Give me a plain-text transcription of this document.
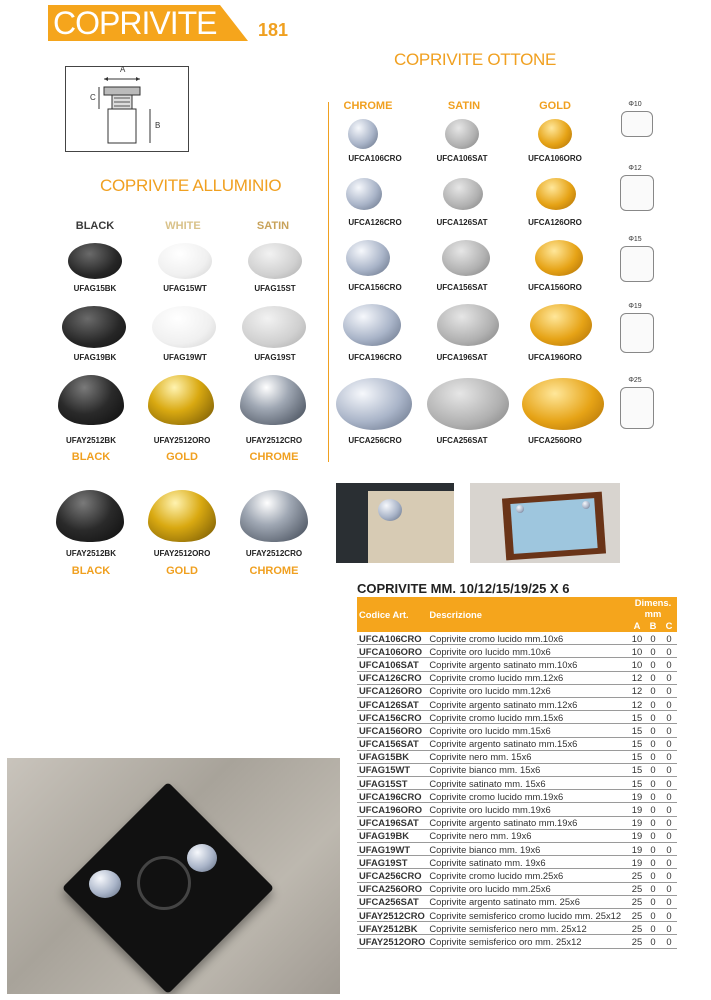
COPRIVITE 181
A
C
B
COPRIVITE ALLUMINIO
BLACK	WHITE	SATIN
UFAG15BK	UFAG15WT	UFAG15ST
UFAG19BK	UFAG19WT	UFAG19ST
UFAY2512BK	UFAY2512ORO	UFAY2512CRO
BLACK	GOLD	CHROME
COPRIVITE OTTONE
CHROME	SATIN	GOLD
UFCA106CRO	UFCA106SAT	UFCA106ORO
UFCA126CRO	UFCA126SAT	UFCA126ORO
UFCA156CRO	UFCA156SAT	UFCA156ORO
UFCA196CRO	UFCA196SAT	UFCA196ORO
UFCA256CRO	UFCA256SAT	UFCA256ORO
Φ10
Φ12
Φ15
Φ19
Φ25
UFAY2512BK	UFAY2512ORO	UFAY2512CRO
BLACK	GOLD	CHROME
COPRIVITE MM. 10/12/15/19/25 X 6
Codice Art.	Descrizione	Dimens. mm		
		A	B	C
UFCA106CRO	Coprivite cromo lucido mm.10x6	10	0	0
UFCA106ORO	Coprivite oro lucido mm.10x6	10	0	0
UFCA106SAT	Coprivite argento satinato mm.10x6	10	0	0
UFCA126CRO	Coprivite cromo lucido mm.12x6	12	0	0
UFCA126ORO	Coprivite oro lucido mm.12x6	12	0	0
UFCA126SAT	Coprivite argento satinato mm.12x6	12	0	0
UFCA156CRO	Coprivite cromo lucido mm.15x6	15	0	0
UFCA156ORO	Coprivite oro lucido mm.15x6	15	0	0
UFCA156SAT	Coprivite argento satinato mm.15x6	15	0	0
UFAG15BK	Coprivite nero mm. 15x6	15	0	0
UFAG15WT	Coprivite bianco mm. 15x6	15	0	0
UFAG15ST	Coprivite satinato mm. 15x6	15	0	0
UFCA196CRO	Coprivite cromo lucido mm.19x6	19	0	0
UFCA196ORO	Coprivite oro lucido mm.19x6	19	0	0
UFCA196SAT	Coprivite argento satinato mm.19x6	19	0	0
UFAG19BK	Coprivite nero mm. 19x6	19	0	0
UFAG19WT	Coprivite bianco mm. 19x6	19	0	0
UFAG19ST	Coprivite satinato mm. 19x6	19	0	0
UFCA256CRO	Coprivite cromo lucido mm.25x6	25	0	0
UFCA256ORO	Coprivite oro lucido mm.25x6	25	0	0
UFCA256SAT	Coprivite argento satinato mm. 25x6	25	0	0
UFAY2512CRO	Coprivite semisferico cromo lucido mm. 25x12	25	0	0
UFAY2512BK	Coprivite semisferico nero mm. 25x12	25	0	0
UFAY2512ORO	Coprivite semisferico oro mm. 25x12	25	0	0
